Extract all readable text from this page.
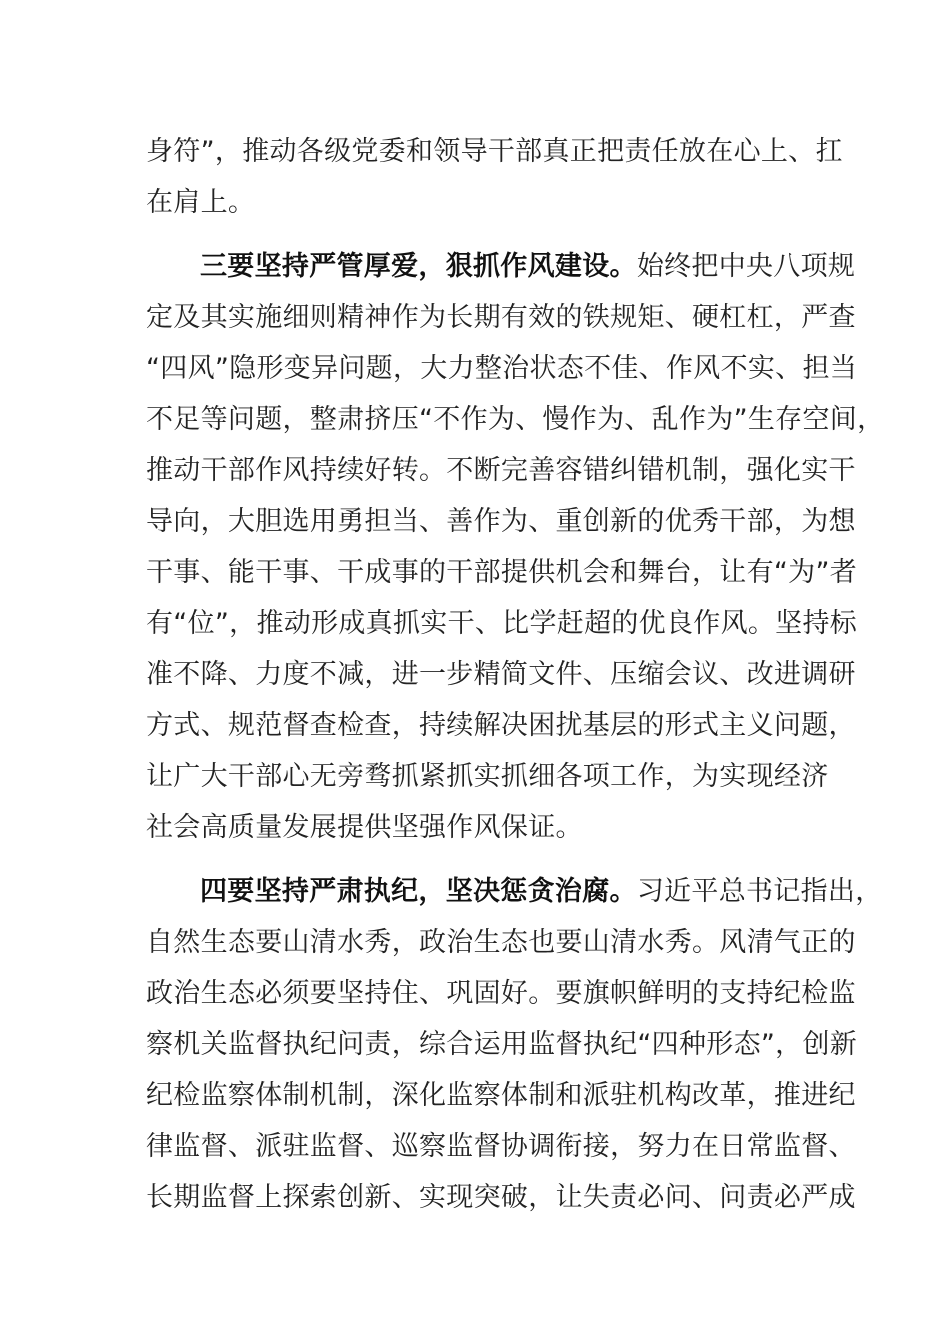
身符”，推动各级党委和领导干部真正把责任放在心上、扛
在肩上。
三要坚持严管厚爱，狠抓作风建设。始终把中央八项规
定及其实施细则精神作为长期有效的铁规矩、硬杠杠，严查
“四风”隐形变异问题，大力整治状态不佳、作风不实、担当
不足等问题，整肃挤压“不作为、慢作为、乱作为”生存空间，
推动干部作风持续好转。不断完善容错纠错机制，强化实干
导向，大胆选用勇担当、善作为、重创新的优秀干部，为想
干事、能干事、干成事的干部提供机会和舞台，让有“为”者
有“位”，推动形成真抓实干、比学赶超的优良作风。坚持标
准不降、力度不减，进一步精简文件、压缩会议、改进调研
方式、规范督查检查，持续解决困扰基层的形式主义问题，
让广大干部心无旁骛抓紧抓实抓细各项工作，为实现经济
社会高质量发展提供坚强作风保证。
四要坚持严肃执纪，坚决惩贪治腐。习近平总书记指出，
自然生态要山清水秀，政治生态也要山清水秀。风清气正的
政治生态必须要坚持住、巩固好。要旗帜鲜明的支持纪检监
察机关监督执纪问责，综合运用监督执纪“四种形态”，创新
纪检监察体制机制，深化监察体制和派驻机构改革，推进纪
律监督、派驻监督、巡察监督协调衔接，努力在日常监督、
长期监督上探索创新、实现突破，让失责必问、问责必严成
